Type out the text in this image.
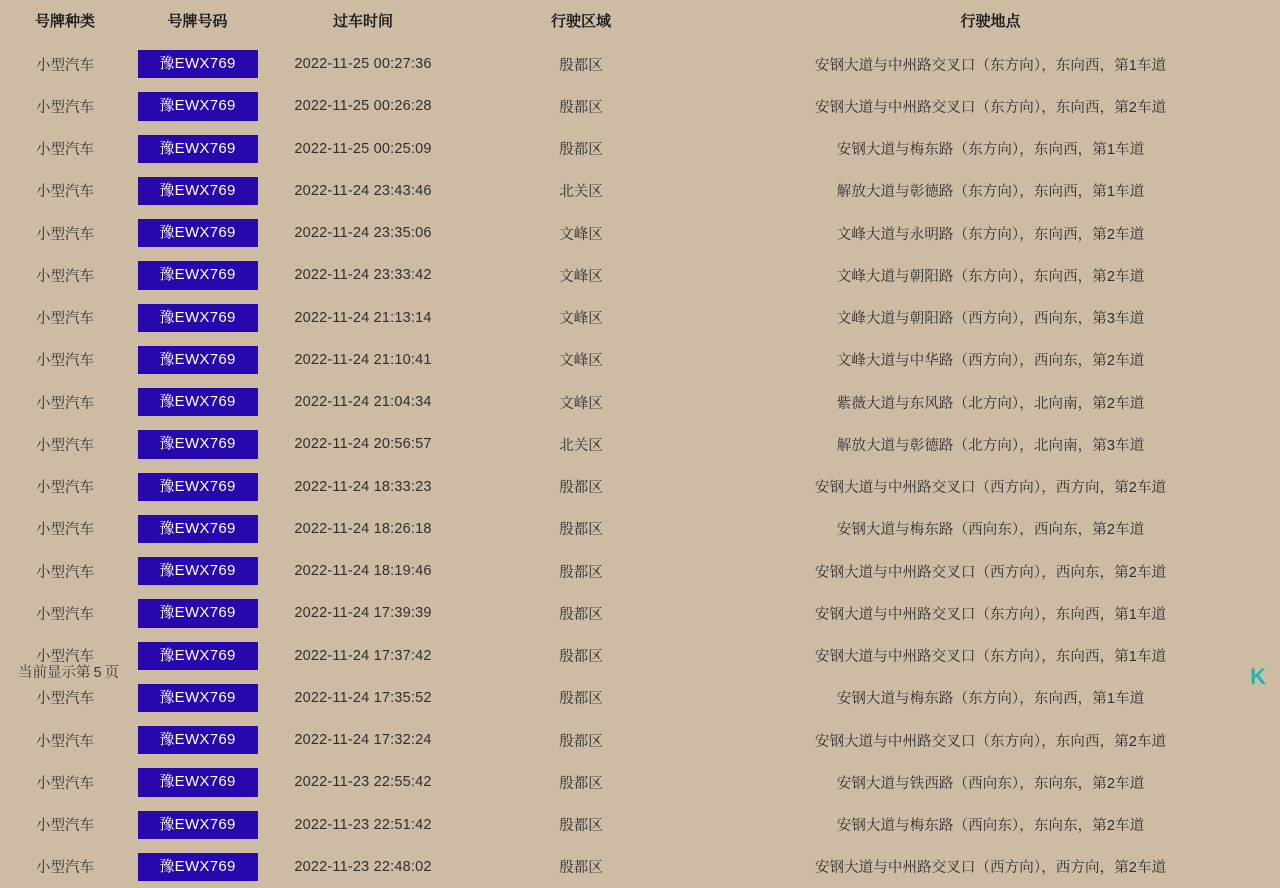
号牌种类	号牌号码	过车时间	行驶区域	行驶地点
小型汽车	豫EWX769	2022-11-25 00:27:36	殷都区	安钢大道与中州路交叉口（东方向），东向西，第1车道
小型汽车	豫EWX769	2022-11-25 00:26:28	殷都区	安钢大道与中州路交叉口（东方向），东向西，第2车道
小型汽车	豫EWX769	2022-11-25 00:25:09	殷都区	安钢大道与梅东路（东方向），东向西，第1车道
小型汽车	豫EWX769	2022-11-24 23:43:46	北关区	解放大道与彰德路（东方向），东向西，第1车道
小型汽车	豫EWX769	2022-11-24 23:35:06	文峰区	文峰大道与永明路（东方向），东向西，第2车道
小型汽车	豫EWX769	2022-11-24 23:33:42	文峰区	文峰大道与朝阳路（东方向），东向西，第2车道
小型汽车	豫EWX769	2022-11-24 21:13:14	文峰区	文峰大道与朝阳路（西方向），西向东，第3车道
小型汽车	豫EWX769	2022-11-24 21:10:41	文峰区	文峰大道与中华路（西方向），西向东，第2车道
小型汽车	豫EWX769	2022-11-24 21:04:34	文峰区	紫薇大道与东风路（北方向），北向南，第2车道
小型汽车	豫EWX769	2022-11-24 20:56:57	北关区	解放大道与彰德路（北方向），北向南，第3车道
小型汽车	豫EWX769	2022-11-24 18:33:23	殷都区	安钢大道与中州路交叉口（西方向），西方向，第2车道
小型汽车	豫EWX769	2022-11-24 18:26:18	殷都区	安钢大道与梅东路（西向东），西向东，第2车道
小型汽车	豫EWX769	2022-11-24 18:19:46	殷都区	安钢大道与中州路交叉口（西方向），西向东，第2车道
小型汽车	豫EWX769	2022-11-24 17:39:39	殷都区	安钢大道与中州路交叉口（东方向），东向西，第1车道
小型汽车	豫EWX769	2022-11-24 17:37:42	殷都区	安钢大道与中州路交叉口（东方向），东向西，第1车道
小型汽车	豫EWX769	2022-11-24 17:35:52	殷都区	安钢大道与梅东路（东方向），东向西，第1车道
小型汽车	豫EWX769	2022-11-24 17:32:24	殷都区	安钢大道与中州路交叉口（东方向），东向西，第2车道
小型汽车	豫EWX769	2022-11-23 22:55:42	殷都区	安钢大道与铁西路（西向东），东向东，第2车道
小型汽车	豫EWX769	2022-11-23 22:51:42	殷都区	安钢大道与梅东路（西向东），东向东，第2车道
小型汽车	豫EWX769	2022-11-23 22:48:02	殷都区	安钢大道与中州路交叉口（西方向），西方向，第2车道
当前显示第 5 页	K
